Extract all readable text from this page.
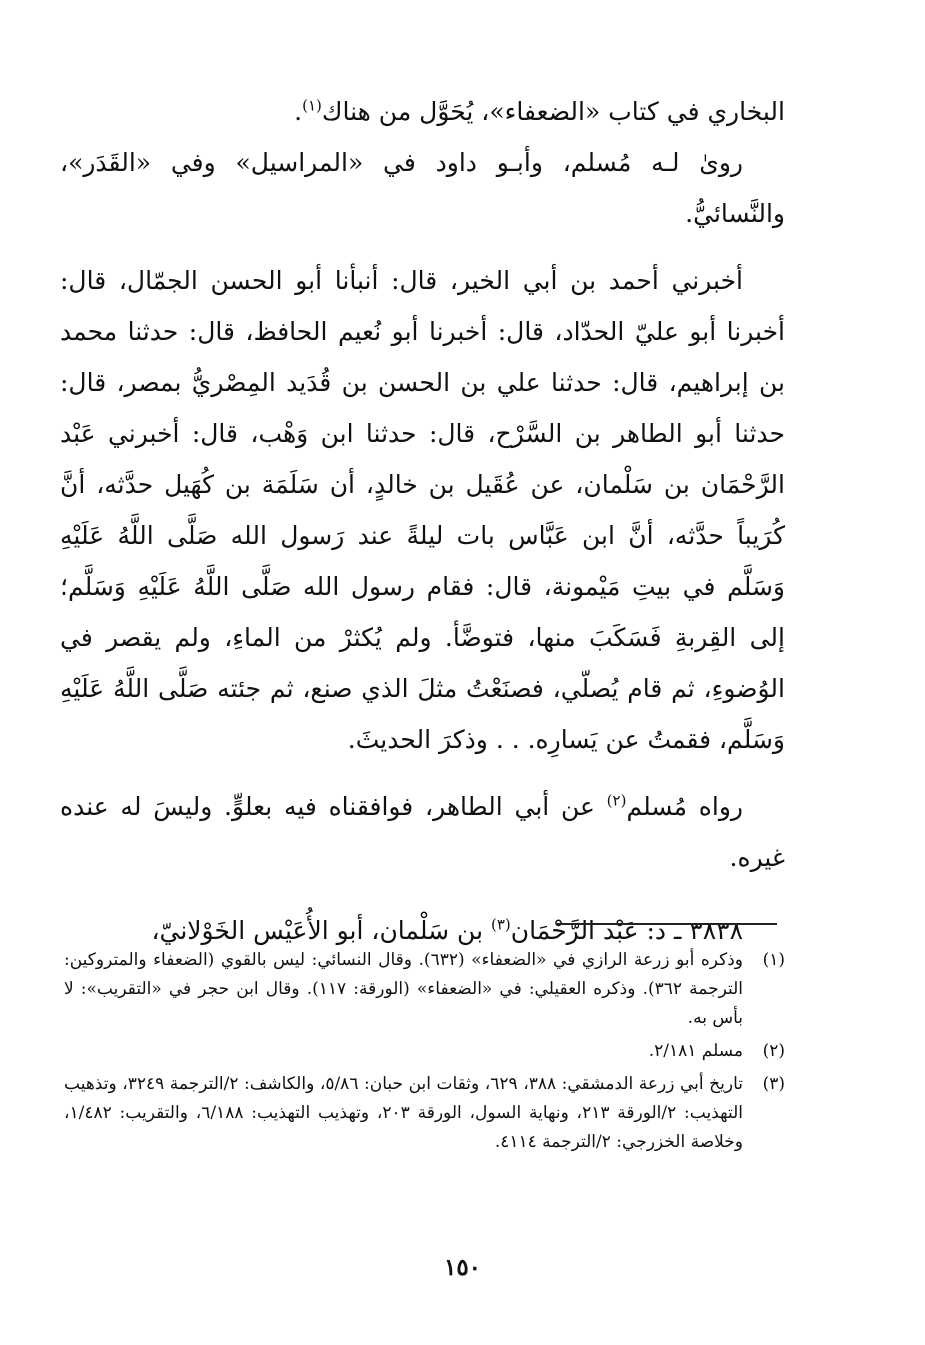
البخاري في كتاب «الضعفاء»، يُحَوَّل من هناك$^{(١)}$.

روىٰ لـه مُسلم، وأبـو داود في «المراسيل» وفي «القَدَر»، والنَّسائيُّ.

أخبرني أحمد بن أبي الخير، قال: أنبأنا أبو الحسن الجمّال، قال: أخبرنا أبو عليّ الحدّاد، قال: أخبرنا أبو نُعيم الحافظ، قال: حدثنا محمد بن إبراهيم، قال: حدثنا علي بن الحسن بن قُدَيد المِصْريُّ بمصر، قال: حدثنا أبو الطاهر بن السَّرْح، قال: حدثنا ابن وَهْب، قال: أخبرني عَبْد الرَّحْمَان بن سَلْمان، عن عُقَيل بن خالدٍ، أن سَلَمَة بن كُهَيل حدَّثه، أنَّ كُرَيباً حدَّثه، أنَّ ابن عَبَّاس بات ليلةً عند رَسول الله صَلَّى اللَّهُ عَلَيْهِ وَسَلَّم في بيتِ مَيْمونة، قال: فقام رسول الله صَلَّى اللَّهُ عَلَيْهِ وَسَلَّم؛ إلى القِربةِ فَسَكَبَ منها، فتوضَّأ. ولم يُكثرْ من الماءِ، ولم يقصر في الوُضوءِ، ثم قام يُصلّي، فصنَعْتُ مثلَ الذي صنع، ثم جئته صَلَّى اللَّهُ عَلَيْهِ وَسَلَّم، فقمتُ عن يَسارِه. . . وذكرَ الحديثَ.

رواه مُسلم$^{(٢)}$ عن أبي الطاهر، فوافقناه فيه بعلوٍّ. وليسَ له عنده غيره.

٣٨٣٨ ـ د: عَبْد الرَّحْمَان$^{(٣)}$ بن سَلْمان، أبو الأُعَيْس الخَوْلانيّ،

(١)
وذكره أبو زرعة الرازي في «الضعفاء» (٦٣٢). وقال النسائي: ليس بالقوي (الضعفاء والمتروكين: الترجمة ٣٦٢). وذكره العقيلي: في «الضعفاء» (الورقة: ١١٧). وقال ابن حجر في «التقريب»: لا بأس به.
(٢)
مسلم ٢/١٨١.
(٣)
تاريخ أبي زرعة الدمشقي: ٣٨٨، ٦٢٩، وثقات ابن حبان: ٥/٨٦، والكاشف: ٢/الترجمة ٣٢٤٩، وتذهيب التهذيب: ٢/الورقة ٢١٣، ونهاية السول، الورقة ٢٠٣، وتهذيب التهذيب: ٦/١٨٨، والتقريب: ١/٤٨٢، وخلاصة الخزرجي: ٢/الترجمة ٤١١٤.
١٥٠
